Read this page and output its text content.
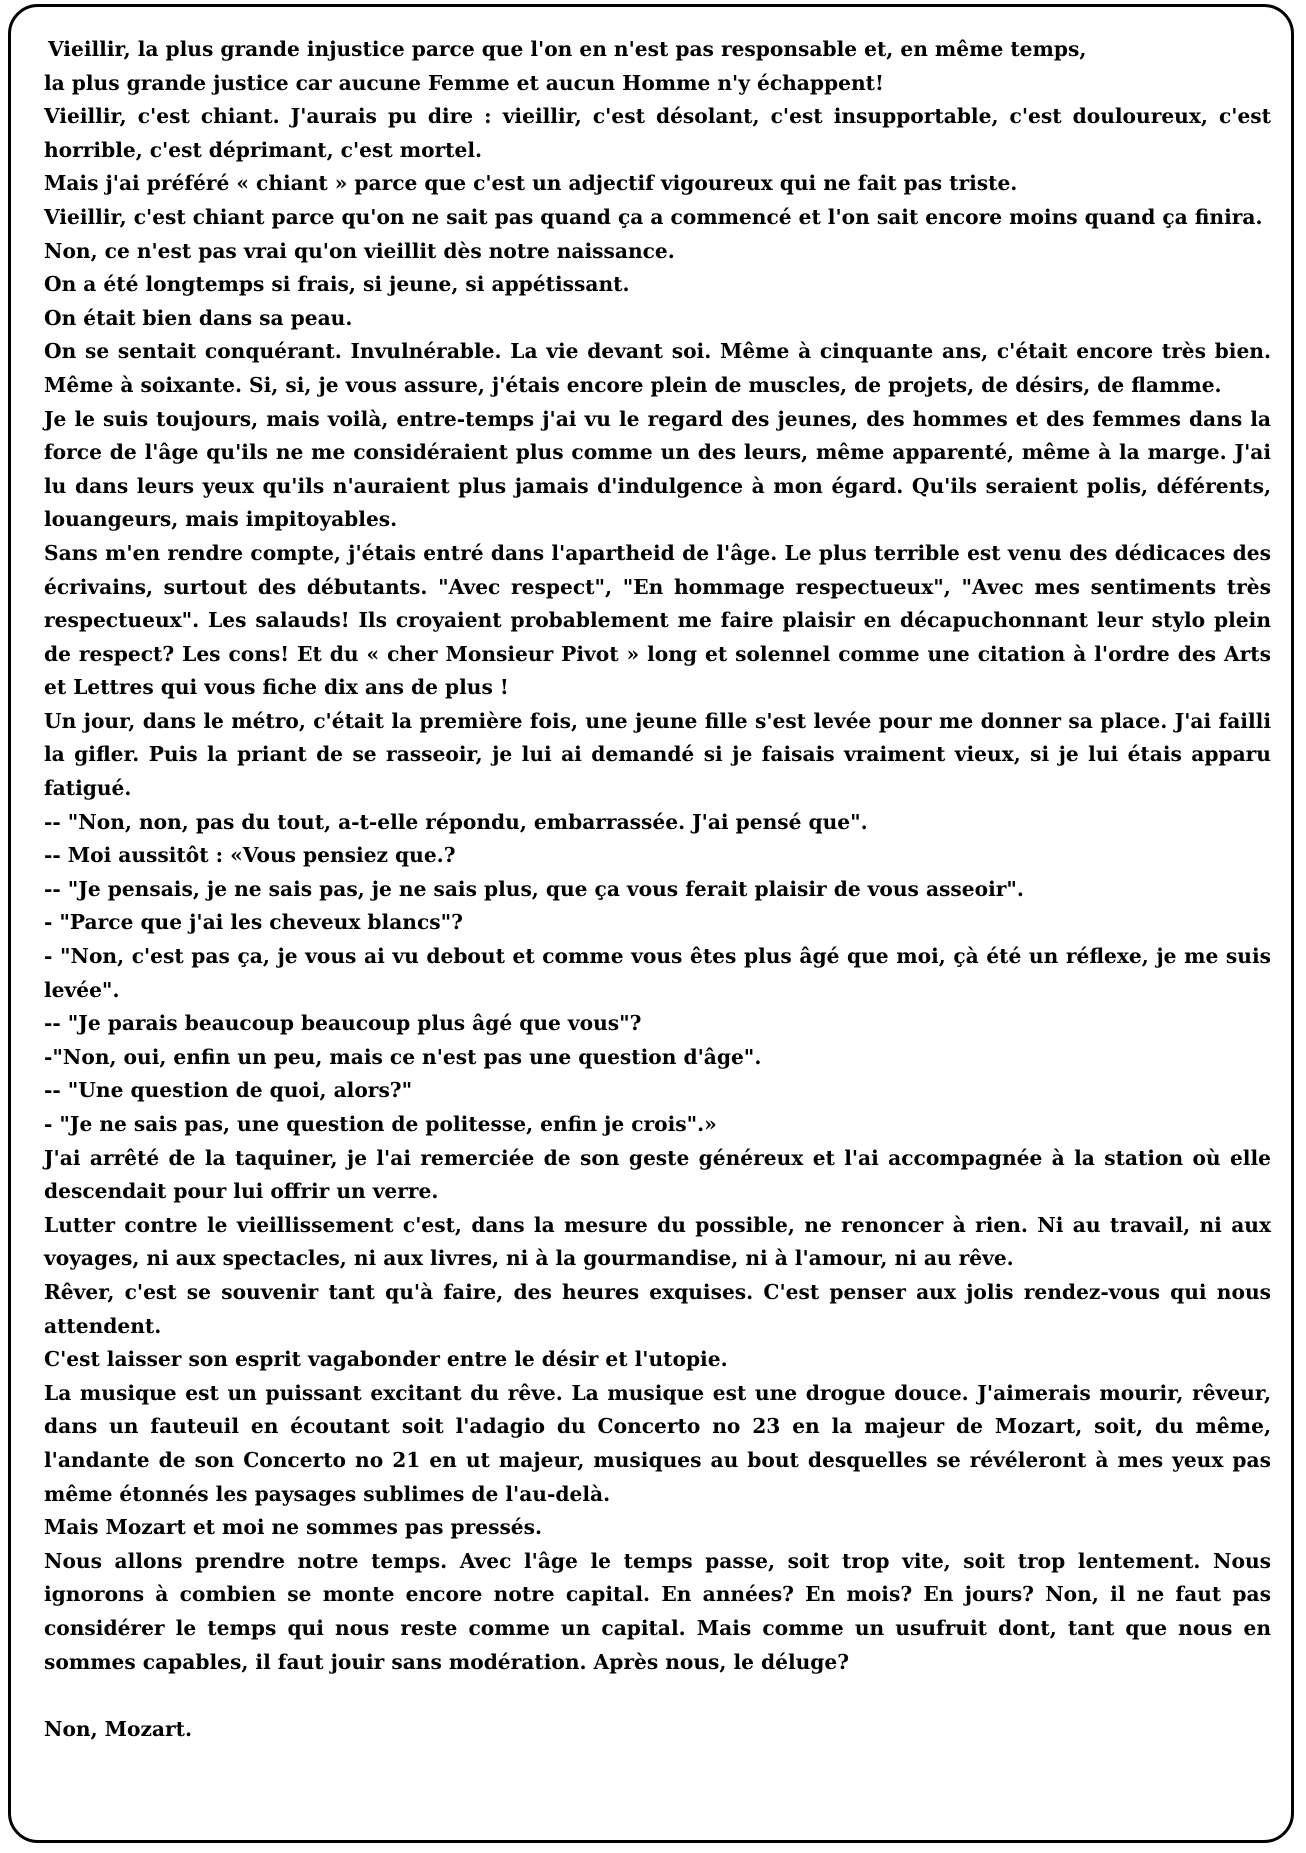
Vieillir, la plus grande injustice parce que l'on en n'est pas responsable et, en même temps,

la plus grande justice car aucune Femme et aucun Homme n'y échappent!

Vieillir, c'est chiant. J'aurais pu dire : vieillir, c'est désolant, c'est insupportable, c'est douloureux, c'est horrible, c'est déprimant, c'est mortel.

Mais j'ai préféré « chiant » parce que c'est un adjectif vigoureux qui ne fait pas triste.

Vieillir, c'est chiant parce qu'on ne sait pas quand ça a commencé et l'on sait encore moins quand ça finira.

Non, ce n'est pas vrai qu'on vieillit dès notre naissance.

On a été longtemps si frais, si jeune, si appétissant.

On était bien dans sa peau.

On se sentait conquérant. Invulnérable. La vie devant soi. Même à cinquante ans, c'était encore très bien. Même à soixante. Si, si, je vous assure, j'étais encore plein de muscles, de projets, de désirs, de flamme.

Je le suis toujours, mais voilà, entre-temps j'ai vu le regard des jeunes, des hommes et des femmes dans la force de l'âge qu'ils ne me considéraient plus comme un des leurs, même apparenté, même à la marge. J'ai lu dans leurs yeux qu'ils n'auraient plus jamais d'indulgence à mon égard. Qu'ils seraient polis, déférents, louangeurs, mais impitoyables.

Sans m'en rendre compte, j'étais entré dans l'apartheid de l'âge. Le plus terrible est venu des dédicaces des écrivains, surtout des débutants. "Avec respect", "En hommage respectueux", "Avec mes sentiments très respectueux". Les salauds! Ils croyaient probablement me faire plaisir en décapuchonnant leur stylo plein de respect? Les cons! Et du « cher Monsieur Pivot » long et solennel comme une citation à l'ordre des Arts et Lettres qui vous fiche dix ans de plus !

Un jour, dans le métro, c'était la première fois, une jeune fille s'est levée pour me donner sa place. J'ai failli la gifler. Puis la priant de se rasseoir, je lui ai demandé si je faisais vraiment vieux, si je lui étais apparu fatigué.

-- "Non, non, pas du tout, a-t-elle répondu, embarrassée. J'ai pensé que".

-- Moi aussitôt : «Vous pensiez que.?

-- "Je pensais, je ne sais pas, je ne sais plus, que ça vous ferait plaisir de vous asseoir".

- "Parce que j'ai les cheveux blancs"?

- "Non, c'est pas ça, je vous ai vu debout et comme vous êtes plus âgé que moi, çà été un réflexe, je me suis levée".

-- "Je parais beaucoup beaucoup plus âgé que vous"?

-"Non, oui, enfin un peu, mais ce n'est pas une question d'âge".

-- "Une question de quoi, alors?"

- "Je ne sais pas, une question de politesse, enfin je crois".»

J'ai arrêté de la taquiner, je l'ai remerciée de son geste généreux et l'ai accompagnée à la station où elle descendait pour lui offrir un verre.

Lutter contre le vieillissement c'est, dans la mesure du possible, ne renoncer à rien. Ni au travail, ni aux voyages, ni aux spectacles, ni aux livres, ni à la gourmandise, ni à l'amour, ni au rêve.

Rêver, c'est se souvenir tant qu'à faire, des heures exquises. C'est penser aux jolis rendez-vous qui nous attendent.

C'est laisser son esprit vagabonder entre le désir et l'utopie.

La musique est un puissant excitant du rêve. La musique est une drogue douce. J'aimerais mourir, rêveur, dans un fauteuil en écoutant soit l'adagio du Concerto no 23 en la majeur de Mozart, soit, du même, l'andante de son Concerto no 21 en ut majeur, musiques au bout desquelles se révéleront à mes yeux pas même étonnés les paysages sublimes de l'au-delà.

Mais Mozart et moi ne sommes pas pressés.

Nous allons prendre notre temps. Avec l'âge le temps passe, soit trop vite, soit trop lentement. Nous ignorons à combien se monte encore notre capital. En années? En mois? En jours? Non, il ne faut pas considérer le temps qui nous reste comme un capital. Mais comme un usufruit dont, tant que nous en sommes capables, il faut jouir sans modération. Après nous, le déluge?

Non, Mozart.
